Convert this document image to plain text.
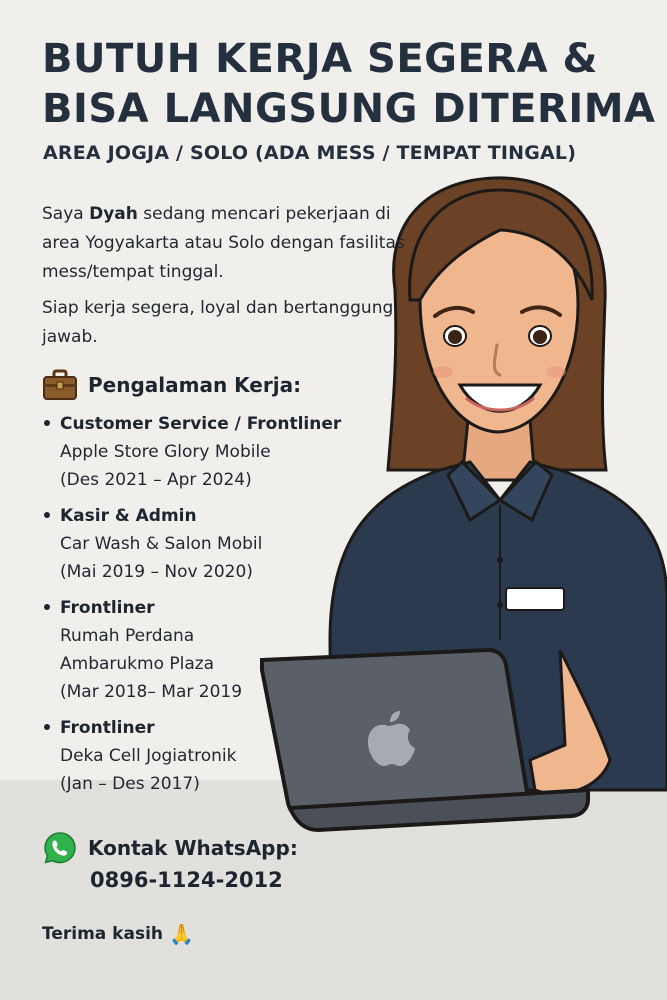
BUTUH KERJA SEGERA &
BISA LANGSUNG DITERIMA
AREA JOGJA / SOLO (ADA MESS / TEMPAT TINGAL)

Saya Dyah sedang mencari pekerjaan di area Yogyakarta atau Solo dengan fasilitas mess/tempat tinggal.

Siap kerja segera, loyal dan bertanggung jawab.

Pengalaman Kerja:
Customer Service / Frontliner
Apple Store Glory Mobile
(Des 2021 – Apr 2024)
Kasir & Admin
Car Wash & Salon Mobil
(Mai 2019 – Nov 2020)
Frontliner
Rumah Perdana
Ambarukmo Plaza
(Mar 2018– Mar 2019
Frontliner
Deka Cell Jogiatronik
(Jan – Des 2017)
Kontak WhatsApp:
0896-1124-2012
Terima kasih 🙏
